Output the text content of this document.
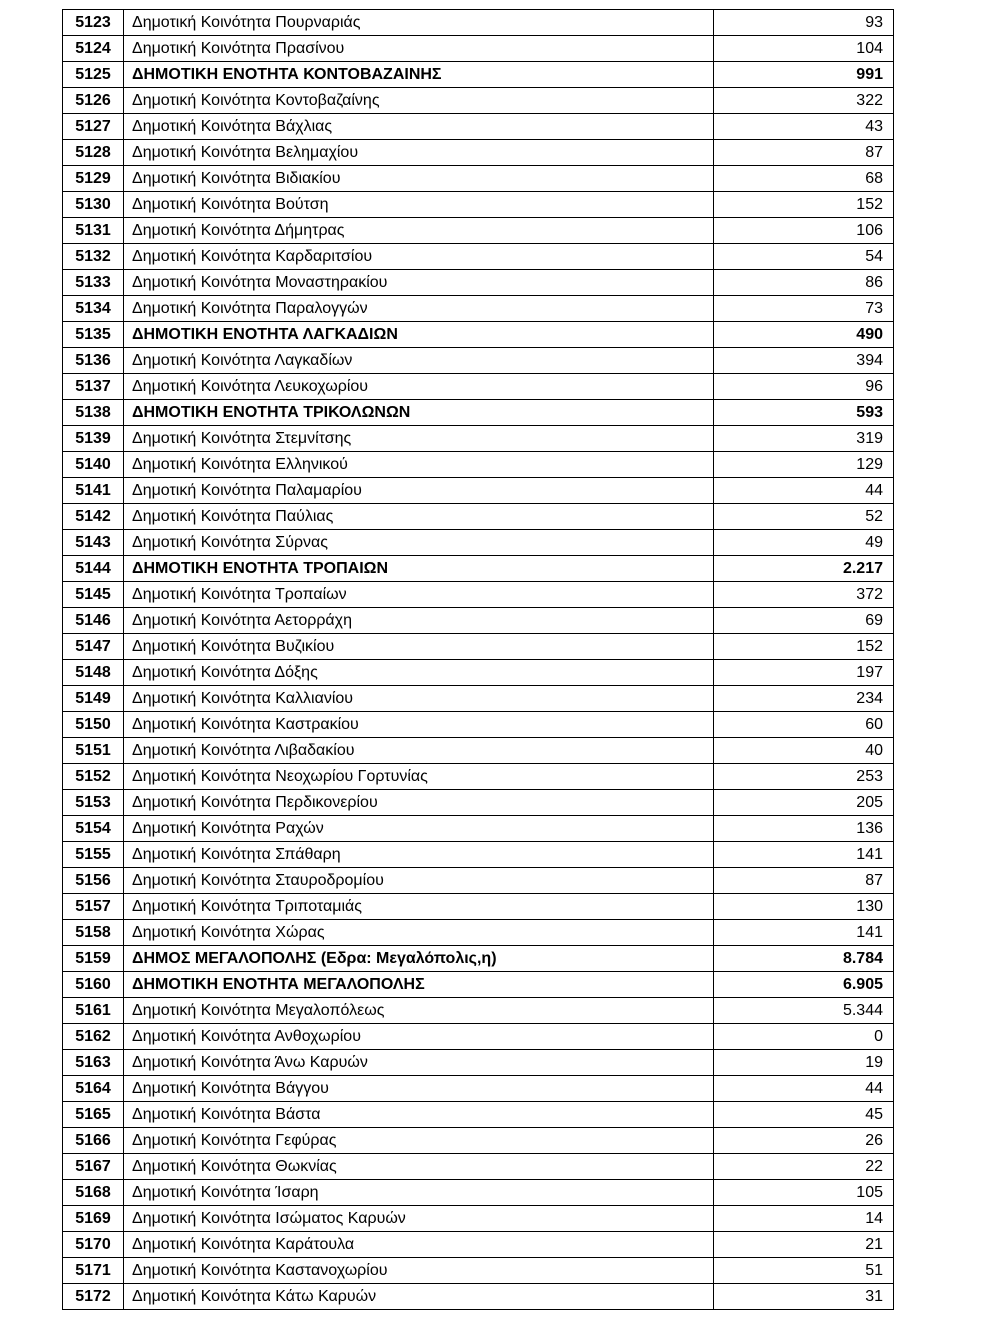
5123	Δημοτική Κοινότητα Πουρναριάς	93
5124	Δημοτική Κοινότητα Πρασίνου	104
5125	ΔΗΜΟΤΙΚΗ ΕΝΟΤΗΤΑ ΚΟΝΤΟΒΑΖΑΙΝΗΣ	991
5126	Δημοτική Κοινότητα Κοντοβαζαίνης	322
5127	Δημοτική Κοινότητα Βάχλιας	43
5128	Δημοτική Κοινότητα Βελημαχίου	87
5129	Δημοτική Κοινότητα Βιδιακίου	68
5130	Δημοτική Κοινότητα Βούτση	152
5131	Δημοτική Κοινότητα Δήμητρας	106
5132	Δημοτική Κοινότητα Καρδαριτσίου	54
5133	Δημοτική Κοινότητα Μοναστηρακίου	86
5134	Δημοτική Κοινότητα Παραλογγών	73
5135	ΔΗΜΟΤΙΚΗ ΕΝΟΤΗΤΑ ΛΑΓΚΑΔΙΩΝ	490
5136	Δημοτική Κοινότητα Λαγκαδίων	394
5137	Δημοτική Κοινότητα Λευκοχωρίου	96
5138	ΔΗΜΟΤΙΚΗ ΕΝΟΤΗΤΑ ΤΡΙΚΟΛΩΝΩΝ	593
5139	Δημοτική Κοινότητα Στεμνίτσης	319
5140	Δημοτική Κοινότητα Ελληνικού	129
5141	Δημοτική Κοινότητα Παλαμαρίου	44
5142	Δημοτική Κοινότητα Παύλιας	52
5143	Δημοτική Κοινότητα Σύρνας	49
5144	ΔΗΜΟΤΙΚΗ ΕΝΟΤΗΤΑ ΤΡΟΠΑΙΩΝ	2.217
5145	Δημοτική Κοινότητα Τροπαίων	372
5146	Δημοτική Κοινότητα Αετορράχη	69
5147	Δημοτική Κοινότητα Βυζικίου	152
5148	Δημοτική Κοινότητα Δόξης	197
5149	Δημοτική Κοινότητα Καλλιανίου	234
5150	Δημοτική Κοινότητα Καστρακίου	60
5151	Δημοτική Κοινότητα Λιβαδακίου	40
5152	Δημοτική Κοινότητα Νεοχωρίου Γορτυνίας	253
5153	Δημοτική Κοινότητα Περδικονερίου	205
5154	Δημοτική Κοινότητα Ραχών	136
5155	Δημοτική Κοινότητα Σπάθαρη	141
5156	Δημοτική Κοινότητα Σταυροδρομίου	87
5157	Δημοτική Κοινότητα Τριποταμιάς	130
5158	Δημοτική Κοινότητα Χώρας	141
5159	ΔΗΜΟΣ ΜΕΓΑΛΟΠΟΛΗΣ (Εδρα: Μεγαλόπολις,η)	8.784
5160	ΔΗΜΟΤΙΚΗ ΕΝΟΤΗΤΑ ΜΕΓΑΛΟΠΟΛΗΣ	6.905
5161	Δημοτική Κοινότητα Μεγαλοπόλεως	5.344
5162	Δημοτική Κοινότητα Ανθοχωρίου	0
5163	Δημοτική Κοινότητα Άνω Καρυών	19
5164	Δημοτική Κοινότητα Βάγγου	44
5165	Δημοτική Κοινότητα Βάστα	45
5166	Δημοτική Κοινότητα Γεφύρας	26
5167	Δημοτική Κοινότητα Θωκνίας	22
5168	Δημοτική Κοινότητα Ίσαρη	105
5169	Δημοτική Κοινότητα Ισώματος Καρυών	14
5170	Δημοτική Κοινότητα Καράτουλα	21
5171	Δημοτική Κοινότητα Καστανοχωρίου	51
5172	Δημοτική Κοινότητα Κάτω Καρυών	31
